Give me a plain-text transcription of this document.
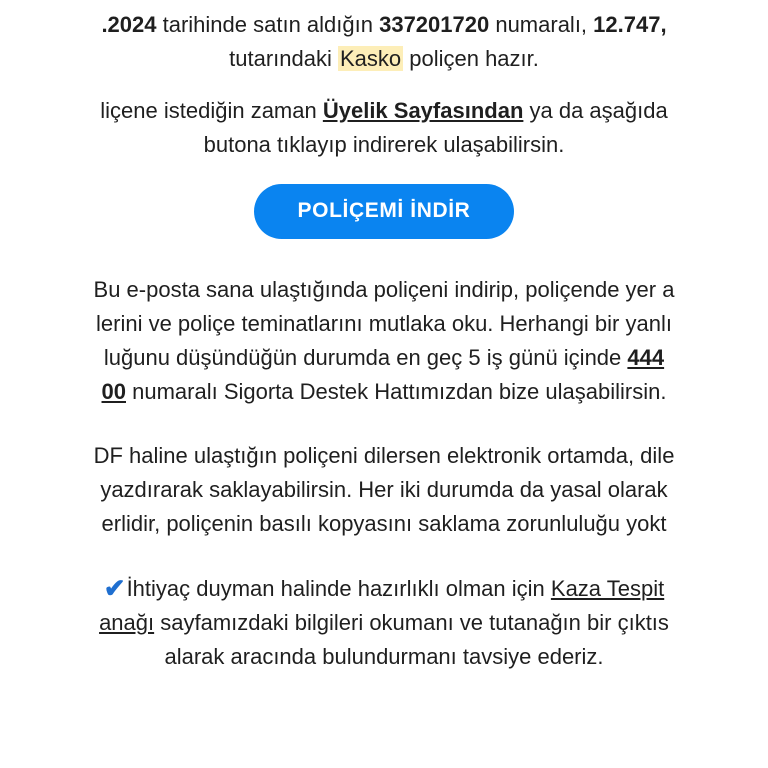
.2024 tarihinde satın aldığın 337201720 numaralı, 12.747,
tutarındaki Kasko poliçen hazır.

liçene istediğin zaman Üyelik Sayfasından ya da aşağıda
butona tıklayıp indirerek ulaşabilirsin.

POLİÇEMİ İNDİR

Bu e-posta sana ulaştığında poliçeni indirip, poliçende yer a
lerini ve poliçe teminatlarını mutlaka oku. Herhangi bir yanlı
luğunu düşündüğün durumda en geç 5 iş günü içinde 444
00 numaralı Sigorta Destek Hattımızdan bize ulaşabilirsin.

DF haline ulaştığın poliçeni dilersen elektronik ortamda, dile
yazdırarak saklayabilirsin. Her iki durumda da yasal olarak
erlidir, poliçenin basılı kopyasını saklama zorunluluğu yokt

✔İhtiyaç duyman halinde hazırlıklı olman için Kaza Tespit
anağı sayfamızdaki bilgileri okumanı ve tutanağın bir çıktıs
alarak aracında bulundurmanı tavsiye ederiz.
